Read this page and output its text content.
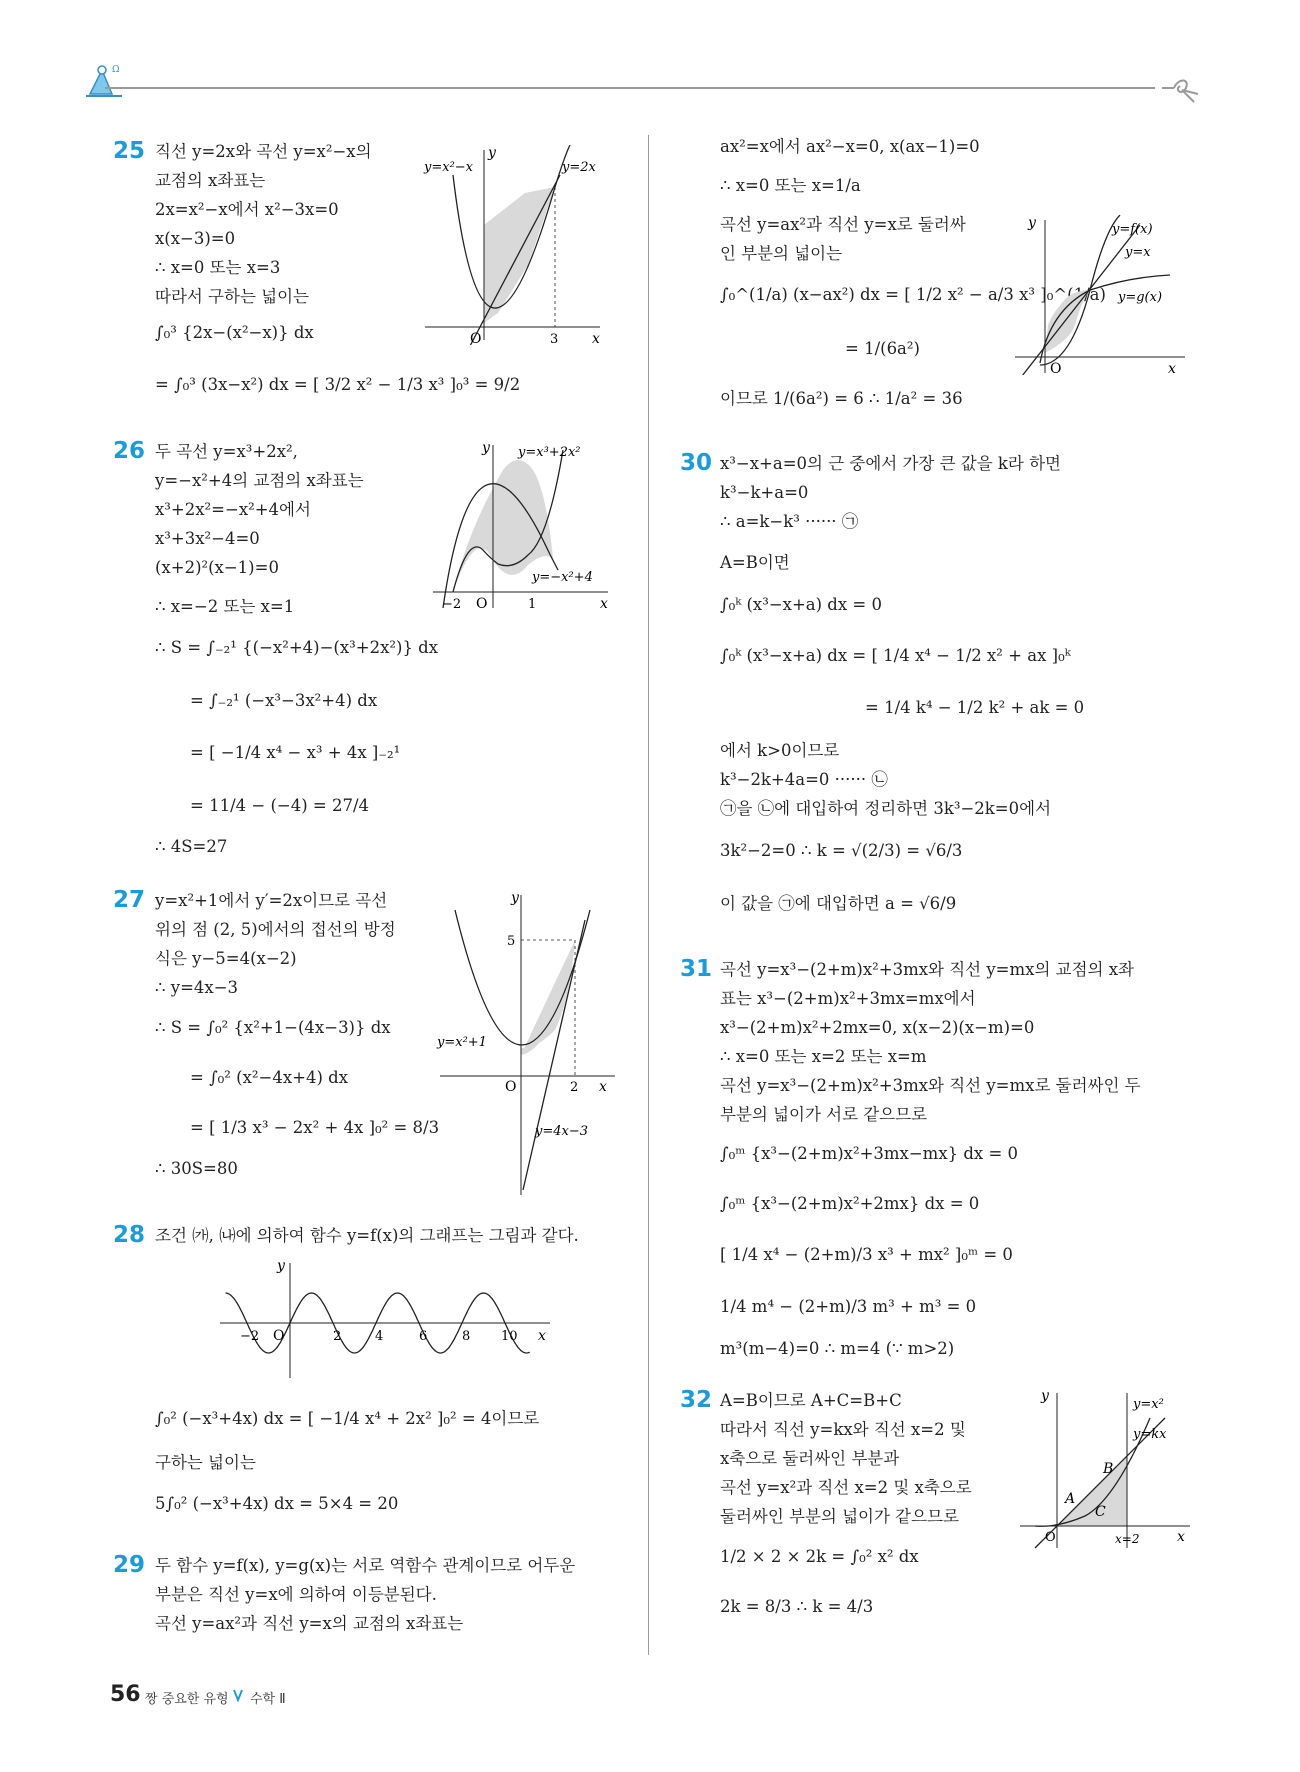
Ω
25 직선 y=2x와 곡선 y=x²−x의
교점의 x좌표는
2x=x²−x에서 x²−3x=0
x(x−3)=0
∴ x=0 또는 x=3
따라서 구하는 넓이는
∫₀³ {2x−(x²−x)} dx
= ∫₀³ (3x−x²) dx = [ 3/2 x² − 1/3 x³ ]₀³ = 9/2
y=x²−x	y=2x
O	3 x
y
26 두 곡선 y=x³+2x²,
y=−x²+4의 교점의 x좌표는
x³+2x²=−x²+4에서
x³+3x²−4=0
(x+2)²(x−1)=0
∴ x=−2 또는 x=1
∴ S = ∫₋₂¹ {(−x²+4)−(x³+2x²)} dx
= ∫₋₂¹ (−x³−3x²+4) dx
= [ −1/4 x⁴ − x³ + 4x ]₋₂¹
= 11/4 − (−4) = 27/4
∴ 4S=27
y=x³+2x²
y=−x²+4
O
−2	1	x
y
27 y=x²+1에서 y′=2x이므로 곡선
위의 점 (2, 5)에서의 접선의 방정
식은 y−5=4(x−2)
∴ y=4x−3
∴ S = ∫₀² {x²+1−(4x−3)} dx
= ∫₀² (x²−4x+4) dx
= [ 1/3 x³ − 2x² + 4x ]₀² = 8/3
∴ 30S=80
5
y=x²+1
y=4x−3
O	2 x
y
28 조건 ㈎, ㈏에 의하여 함수 y=f(x)의 그래프는 그림과 같다.
−2 O	2	4	6	8 10 x
y
∫₀² (−x³+4x) dx = [ −1/4 x⁴ + 2x² ]₀² = 4이므로
구하는 넓이는
5∫₀² (−x³+4x) dx = 5×4 = 20
29 두 함수 y=f(x), y=g(x)는 서로 역함수 관계이므로 어두운
부분은 직선 y=x에 의하여 이등분된다.
곡선 y=ax²과 직선 y=x의 교점의 x좌표는
ax²=x에서 ax²−x=0, x(ax−1)=0
∴ x=0 또는 x=1/a
곡선 y=ax²과 직선 y=x로 둘러싸
인 부분의 넓이는
∫₀^(1/a) (x−ax²) dx = [ 1/2 x² − a/3 x³ ]₀^(1/a)
= 1/(6a²)
이므로 1/(6a²) = 6 ∴ 1/a² = 36
y=f(x)
y=x
y=g(x)
O	x
y
30 x³−x+a=0의 근 중에서 가장 큰 값을 k라 하면
k³−k+a=0
∴ a=k−k³ ······ ㉠
A=B이면
∫₀ᵏ (x³−x+a) dx = 0
∫₀ᵏ (x³−x+a) dx = [ 1/4 x⁴ − 1/2 x² + ax ]₀ᵏ
= 1/4 k⁴ − 1/2 k² + ak = 0
에서 k>0이므로
k³−2k+4a=0 ······ ㉡
㉠을 ㉡에 대입하여 정리하면 3k³−2k=0에서
3k²−2=0 ∴ k = √(2/3) = √6/3
이 값을 ㉠에 대입하면 a = √6/9
31 곡선 y=x³−(2+m)x²+3mx와 직선 y=mx의 교점의 x좌
표는 x³−(2+m)x²+3mx=mx에서
x³−(2+m)x²+2mx=0, x(x−2)(x−m)=0
∴ x=0 또는 x=2 또는 x=m
곡선 y=x³−(2+m)x²+3mx와 직선 y=mx로 둘러싸인 두
부분의 넓이가 서로 같으므로
∫₀ᵐ {x³−(2+m)x²+3mx−mx} dx = 0
∫₀ᵐ {x³−(2+m)x²+2mx} dx = 0
[ 1/4 x⁴ − (2+m)/3 x³ + mx² ]₀ᵐ = 0
1/4 m⁴ − (2+m)/3 m³ + m³ = 0
m³(m−4)=0 ∴ m=4 (∵ m>2)
32 A=B이므로 A+C=B+C
따라서 직선 y=kx와 직선 x=2 및
x축으로 둘러싸인 부분과
곡선 y=x²과 직선 x=2 및 x축으로
둘러싸인 부분의 넓이가 같으므로
1/2 × 2 × 2k = ∫₀² x² dx
2k = 8/3 ∴ k = 4/3
y=x²
y=kx
B
A
C
O	x=2	x
y
56 짱 중요한 유형 수학 Ⅱ
